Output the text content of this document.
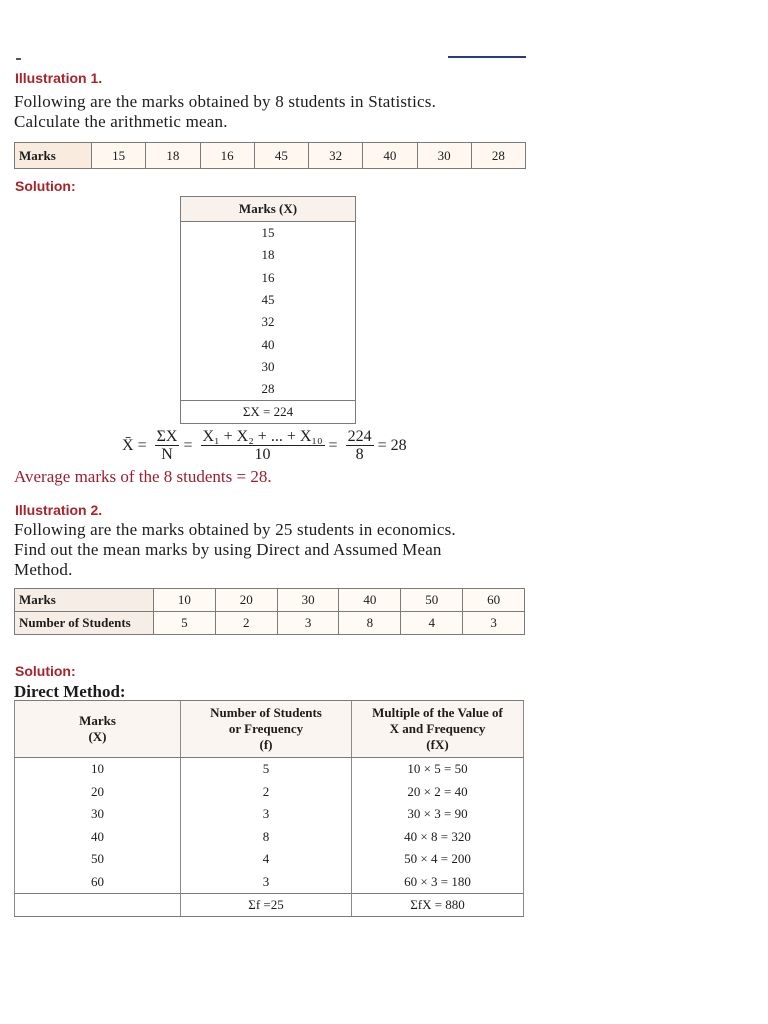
Illustration 1.
Following are the marks obtained by 8 students in Statistics.
Calculate the arithmetic mean.
Marks	15	18	16	45	32	40	30	28
Solution:
Marks (X)
15
18
16
45
32
40
30
28
ΣX = 224
X̄ = $\frac{\Sigma X}{N} = \frac{\text{X₁ + X₂ + ... + X₁₀}}{10} = \frac{224}{8} = 28$
Average marks of the 8 students = 28.
Illustration 2.
Following are the marks obtained by 25 students in economics.
Find out the mean marks by using Direct and Assumed Mean
Method.
Marks	10	20	30	40	50	60
Number of Students	5	2	3	8	4	3
Solution:
Direct Method:
Marks
(X)	Number of Students
or Frequency
(f)	Multiple of the Value of
X and Frequency
(fX)
10	5	10 × 5 = 50
20	2	20 × 2 = 40
30	3	30 × 3 = 90
40	8	40 × 8 = 320
50	4	50 × 4 = 200
60	3	60 × 3 = 180
	Σf =25	ΣfX = 880
